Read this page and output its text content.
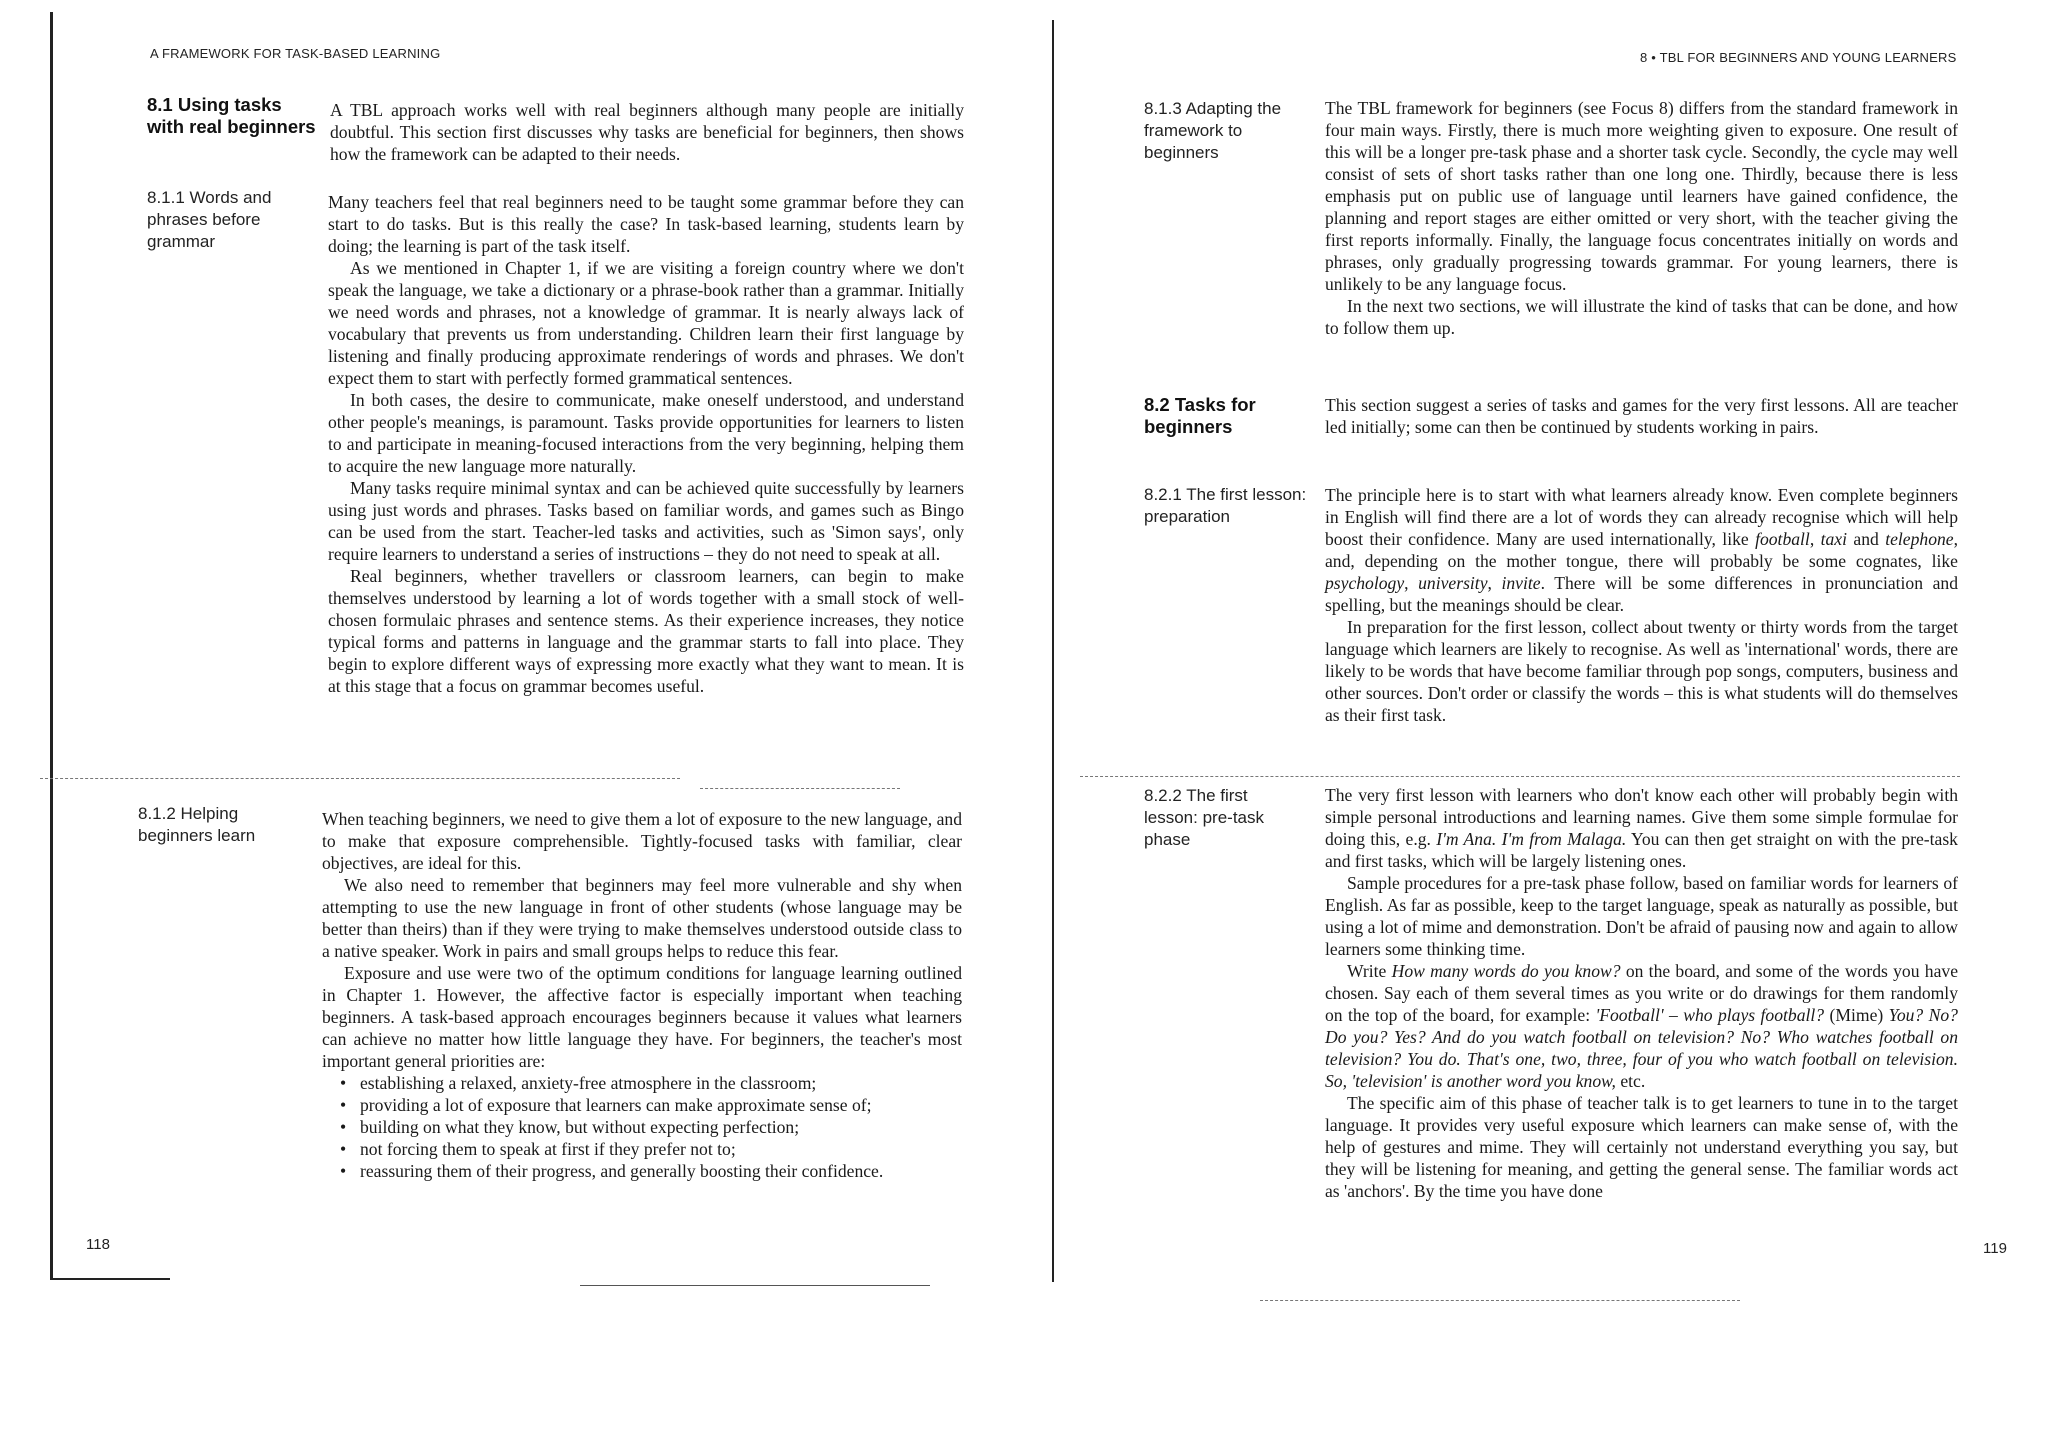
A FRAMEWORK FOR TASK-BASED LEARNING
8.1 Using tasks with real beginners

A TBL approach works well with real beginners although many people are initially doubtful. This section first discusses why tasks are beneficial for beginners, then shows how the framework can be adapted to their needs.

8.1.1 Words and phrases before grammar

Many teachers feel that real beginners need to be taught some grammar before they can start to do tasks. But is this really the case? In task-based learning, students learn by doing; the learning is part of the task itself.

As we mentioned in Chapter 1, if we are visiting a foreign country where we don't speak the language, we take a dictionary or a phrase-book rather than a grammar. Initially we need words and phrases, not a knowledge of grammar. It is nearly always lack of vocabulary that prevents us from understanding. Children learn their first language by listening and finally producing approximate renderings of words and phrases. We don't expect them to start with perfectly formed grammatical sentences.

In both cases, the desire to communicate, make oneself understood, and understand other people's meanings, is paramount. Tasks provide opportunities for learners to listen to and participate in meaning-focused interactions from the very beginning, helping them to acquire the new language more naturally.

Many tasks require minimal syntax and can be achieved quite successfully by learners using just words and phrases. Tasks based on familiar words, and games such as Bingo can be used from the start. Teacher-led tasks and activities, such as 'Simon says', only require learners to understand a series of instructions – they do not need to speak at all.

Real beginners, whether travellers or classroom learners, can begin to make themselves understood by learning a lot of words together with a small stock of well-chosen formulaic phrases and sentence stems. As their experience increases, they notice typical forms and patterns in language and the grammar starts to fall into place. They begin to explore different ways of expressing more exactly what they want to mean. It is at this stage that a focus on grammar becomes useful.

8.1.2 Helping beginners learn

When teaching beginners, we need to give them a lot of exposure to the new language, and to make that exposure comprehensible. Tightly-focused tasks with familiar, clear objectives, are ideal for this.

We also need to remember that beginners may feel more vulnerable and shy when attempting to use the new language in front of other students (whose language may be better than theirs) than if they were trying to make themselves understood outside class to a native speaker. Work in pairs and small groups helps to reduce this fear.

Exposure and use were two of the optimum conditions for language learning outlined in Chapter 1. However, the affective factor is especially important when teaching beginners. A task-based approach encourages beginners because it values what learners can achieve no matter how little language they have. For beginners, the teacher's most important general priorities are:

• establishing a relaxed, anxiety-free atmosphere in the classroom;
• providing a lot of exposure that learners can make approximate sense of;
• building on what they know, but without expecting perfection;
• not forcing them to speak at first if they prefer not to;
• reassuring them of their progress, and generally boosting their confidence.
118
8 • TBL FOR BEGINNERS AND YOUNG LEARNERS
8.1.3 Adapting the framework to beginners

The TBL framework for beginners (see Focus 8) differs from the standard framework in four main ways. Firstly, there is much more weighting given to exposure. One result of this will be a longer pre-task phase and a shorter task cycle. Secondly, the cycle may well consist of sets of short tasks rather than one long one. Thirdly, because there is less emphasis put on public use of language until learners have gained confidence, the planning and report stages are either omitted or very short, with the teacher giving the first reports informally. Finally, the language focus concentrates initially on words and phrases, only gradually progressing towards grammar. For young learners, there is unlikely to be any language focus.

In the next two sections, we will illustrate the kind of tasks that can be done, and how to follow them up.

8.2 Tasks for beginners

This section suggest a series of tasks and games for the very first lessons. All are teacher led initially; some can then be continued by students working in pairs.

8.2.1 The first lesson: preparation

The principle here is to start with what learners already know. Even complete beginners in English will find there are a lot of words they can already recognise which will help boost their confidence. Many are used internationally, like football, taxi and telephone, and, depending on the mother tongue, there will probably be some cognates, like psychology, university, invite. There will be some differences in pronunciation and spelling, but the meanings should be clear.

In preparation for the first lesson, collect about twenty or thirty words from the target language which learners are likely to recognise. As well as 'international' words, there are likely to be words that have become familiar through pop songs, computers, business and other sources. Don't order or classify the words – this is what students will do themselves as their first task.

8.2.2 The first lesson: pre-task phase

The very first lesson with learners who don't know each other will probably begin with simple personal introductions and learning names. Give them some simple formulae for doing this, e.g. I'm Ana. I'm from Malaga. You can then get straight on with the pre-task and first tasks, which will be largely listening ones.

Sample procedures for a pre-task phase follow, based on familiar words for learners of English. As far as possible, keep to the target language, speak as naturally as possible, but using a lot of mime and demonstration. Don't be afraid of pausing now and again to allow learners some thinking time.

Write How many words do you know? on the board, and some of the words you have chosen. Say each of them several times as you write or do drawings for them randomly on the top of the board, for example: 'Football' – who plays football? (Mime) You? No? Do you? Yes? And do you watch football on television? No? Who watches football on television? You do. That's one, two, three, four of you who watch football on television. So, 'television' is another word you know, etc.

The specific aim of this phase of teacher talk is to get learners to tune in to the target language. It provides very useful exposure which learners can make sense of, with the help of gestures and mime. They will certainly not understand everything you say, but they will be listening for meaning, and getting the general sense. The familiar words act as 'anchors'. By the time you have done

119
